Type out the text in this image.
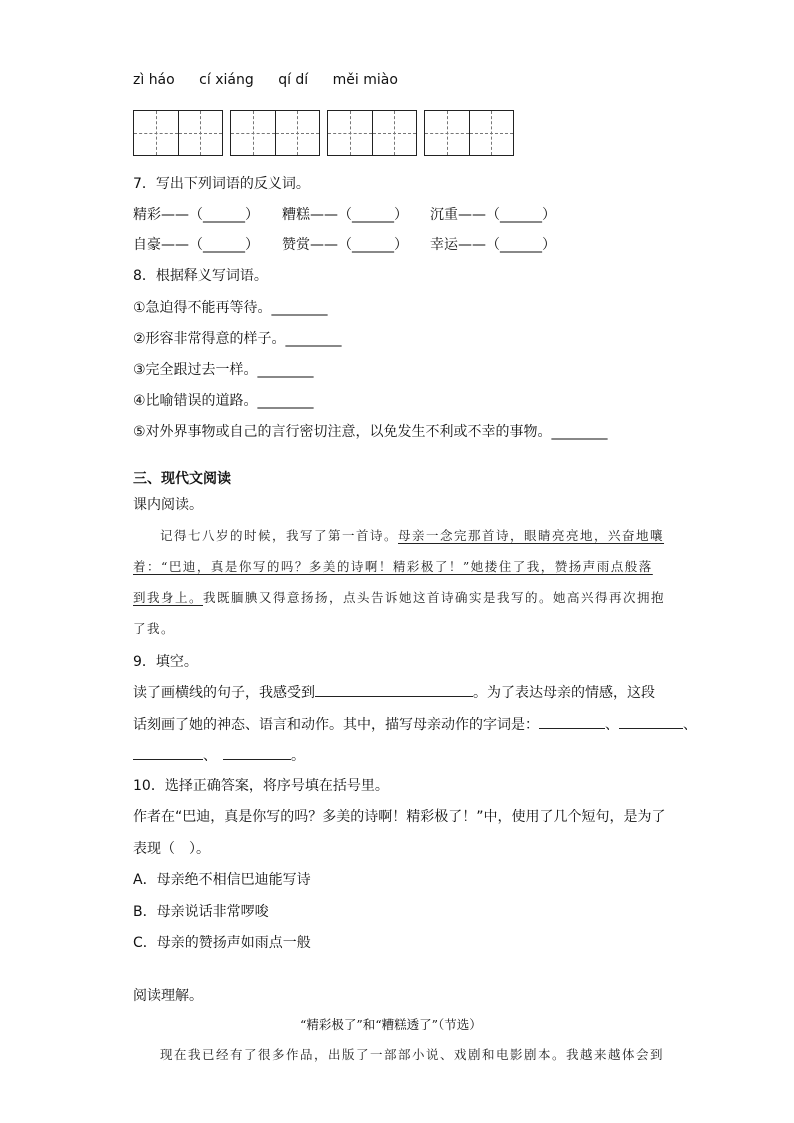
zì háo cí xiáng qí dí měi miào
7．写出下列词语的反义词。
精彩——（______） 糟糕——（______） 沉重——（______）
自豪——（______） 赞赏——（______） 幸运——（______）
8．根据释义写词语。
①急迫得不能再等待。________
②形容非常得意的样子。________
③完全跟过去一样。________
④比喻错误的道路。________
⑤对外界事物或自己的言行密切注意，以免发生不利或不幸的事物。________
三、现代文阅读
课内阅读。
记得七八岁的时候，我写了第一首诗。母亲一念完那首诗，眼睛亮亮地，兴奋地嚷
着：“巴迪，真是你写的吗？多美的诗啊！精彩极了！”她搂住了我，赞扬声雨点般落
到我身上。我既腼腆又得意扬扬，点头告诉她这首诗确实是我写的。她高兴得再次拥抱
了我。
9．填空。
读了画横线的句子，我感受到	。为了表达母亲的情感，这段
话刻画了她的神态、语言和动作。其中，描写母亲动作的字词是：	、	、
、	。
10．选择正确答案，将序号填在括号里。
作者在“巴迪，真是你写的吗？多美的诗啊！精彩极了！”中，使用了几个短句，是为了
表现（　）。
A．母亲绝不相信巴迪能写诗
B．母亲说话非常啰唆
C．母亲的赞扬声如雨点一般
阅读理解。
“精彩极了”和“糟糕透了”（节选）
现在我已经有了很多作品，出版了一部部小说、戏剧和电影剧本。我越来越体会到
